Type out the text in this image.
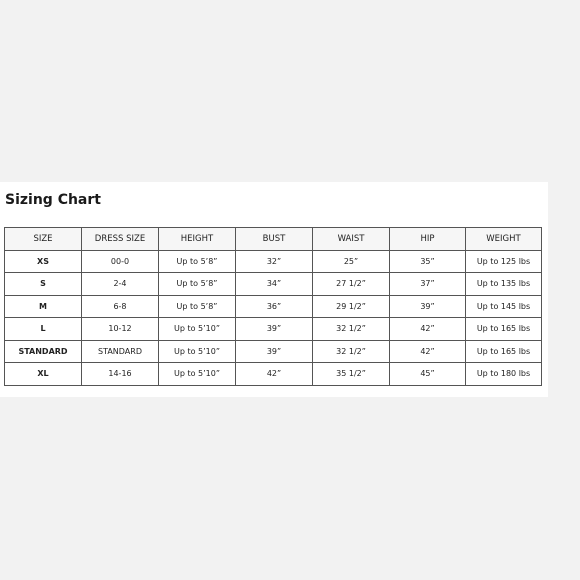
Sizing Chart
SIZE	DRESS SIZE	HEIGHT	BUST	WAIST	HIP	WEIGHT
XS	00-0	Up to 5’8”	32”	25”	35”	Up to 125 lbs
S	2-4	Up to 5’8”	34”	27 1/2”	37”	Up to 135 lbs
M	6-8	Up to 5’8”	36”	29 1/2”	39”	Up to 145 lbs
L	10-12	Up to 5’10”	39”	32 1/2”	42”	Up to 165 lbs
STANDARD	STANDARD	Up to 5’10”	39”	32 1/2”	42”	Up to 165 lbs
XL	14-16	Up to 5’10”	42”	35 1/2”	45”	Up to 180 lbs
